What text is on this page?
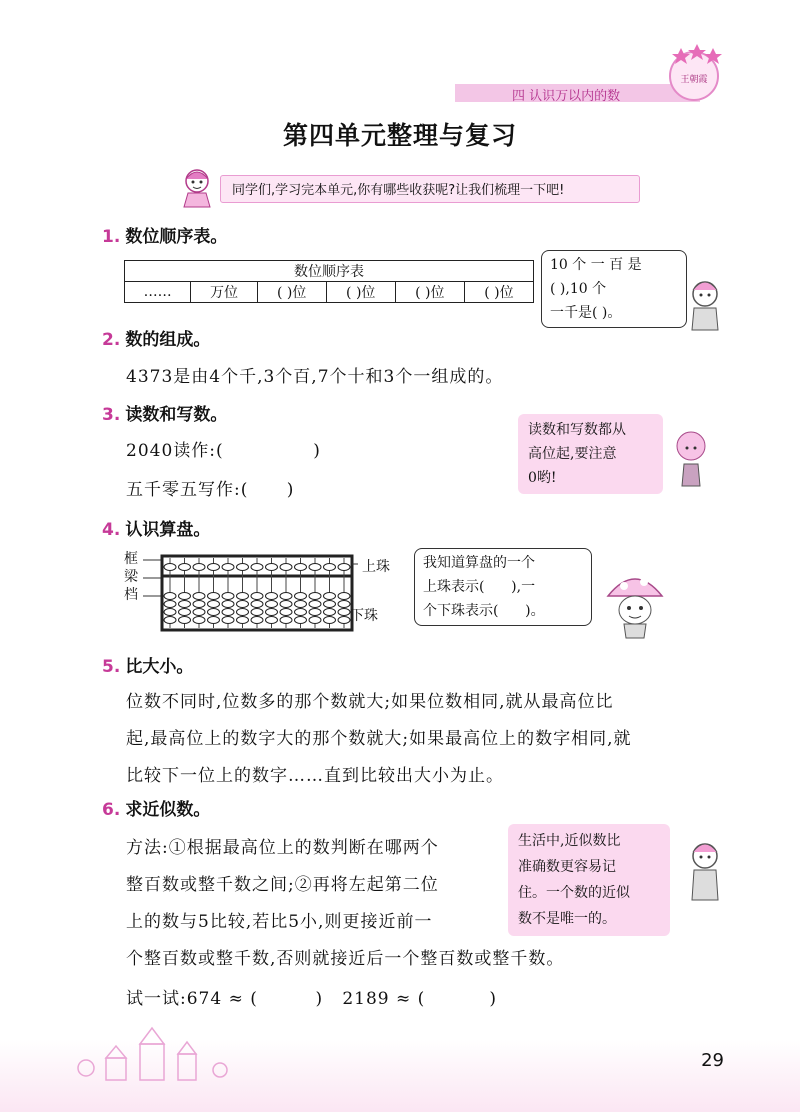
四 认识万以内的数
王朝霞
第四单元整理与复习
同学们,学习完本单元,你有哪些收获呢?让我们梳理一下吧!
1. 数位顺序表。
数位顺序表
……	万位	( )位	( )位	( )位	( )位
10 个 一 百 是
( ),10 个
一千是( )。
2. 数的组成。
4373是由4个千,3个百,7个十和3个一组成的。
3. 读数和写数。
2040读作:(              )
五千零五写作:(      )
读数和写数都从
高位起,要注意
0哟!
4. 认识算盘。
框
梁
档
上珠
下珠
我知道算盘的一个
上珠表示(      ),一
个下珠表示(      )。
5. 比大小。
位数不同时,位数多的那个数就大;如果位数相同,就从最高位比
起,最高位上的数字大的那个数就大;如果最高位上的数字相同,就
比较下一位上的数字……直到比较出大小为止。
6. 求近似数。
方法:①根据最高位上的数判断在哪两个
整百数或整千数之间;②再将左起第二位
上的数与5比较,若比5小,则更接近前一
个整百数或整千数,否则就接近后一个整百数或整千数。
生活中,近似数比
准确数更容易记
住。一个数的近似
数不是唯一的。
试一试:674 ≈ (         )   2189 ≈ (          )
29
